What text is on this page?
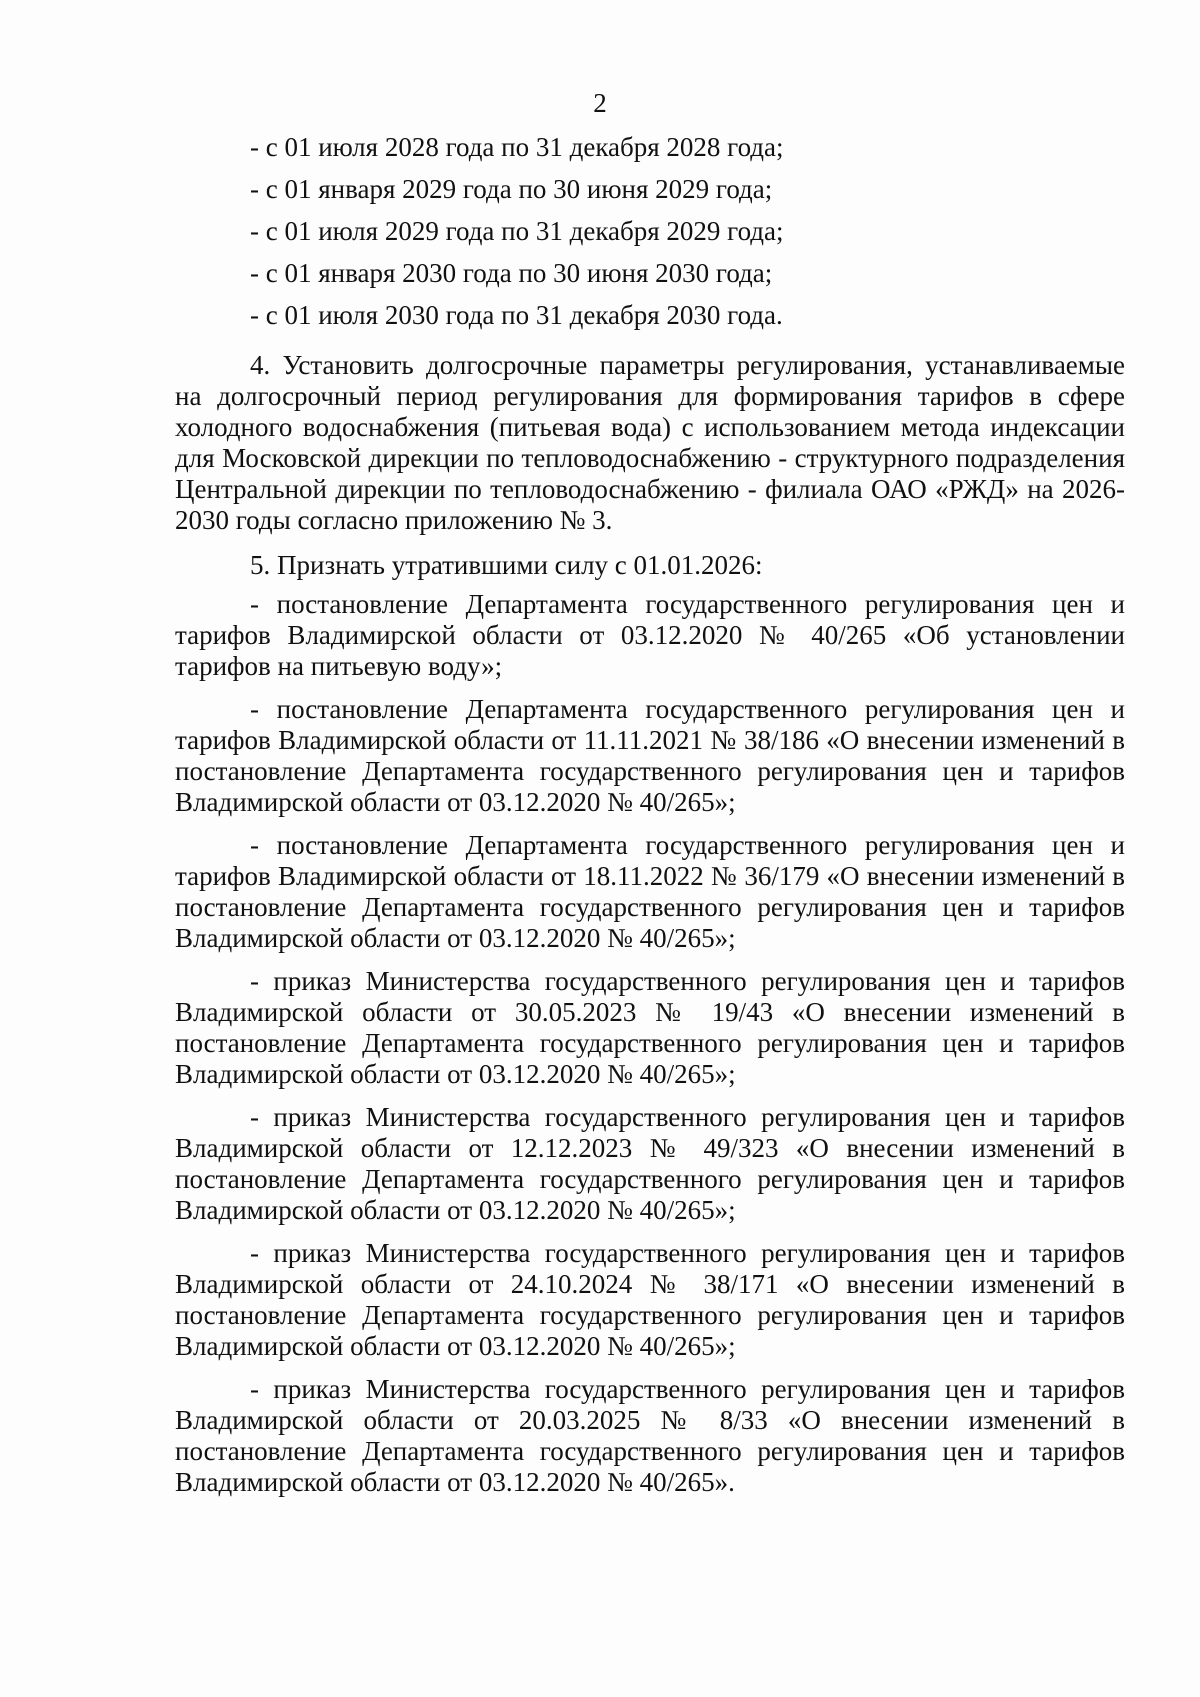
2
- с 01 июля 2028 года по 31 декабря 2028 года;
- с 01 января 2029 года по 30 июня 2029 года;
- с 01 июля 2029 года по 31 декабря 2029 года;
- с 01 января 2030 года по 30 июня 2030 года;
- с 01 июля 2030 года по 31 декабря 2030 года.

4. Установить долгосрочные параметры регулирования, устанавливаемые на долгосрочный период регулирования для формирования тарифов в сфере холодного водоснабжения (питьевая вода) с использованием метода индексации для Московской дирекции по тепловодоснабжению - структурного подразделения Центральной дирекции по тепловодоснабжению - филиала ОАО «РЖД» на 2026-2030 годы согласно приложению № 3.

5. Признать утратившими силу с 01.01.2026:

- постановление Департамента государственного регулирования цен и тарифов Владимирской области от 03.12.2020 № 40/265 «Об установлении тарифов на питьевую воду»;

- постановление Департамента государственного регулирования цен и тарифов Владимирской области от 11.11.2021 № 38/186 «О внесении изменений в постановление Департамента государственного регулирования цен и тарифов Владимирской области от 03.12.2020 № 40/265»;

- постановление Департамента государственного регулирования цен и тарифов Владимирской области от 18.11.2022 № 36/179 «О внесении изменений в постановление Департамента государственного регулирования цен и тарифов Владимирской области от 03.12.2020 № 40/265»;

- приказ Министерства государственного регулирования цен и тарифов Владимирской области от 30.05.2023 № 19/43 «О внесении изменений в постановление Департамента государственного регулирования цен и тарифов Владимирской области от 03.12.2020 № 40/265»;

- приказ Министерства государственного регулирования цен и тарифов Владимирской области от 12.12.2023 № 49/323 «О внесении изменений в постановление Департамента государственного регулирования цен и тарифов Владимирской области от 03.12.2020 № 40/265»;

- приказ Министерства государственного регулирования цен и тарифов Владимирской области от 24.10.2024 № 38/171 «О внесении изменений в постановление Департамента государственного регулирования цен и тарифов Владимирской области от 03.12.2020 № 40/265»;

- приказ Министерства государственного регулирования цен и тарифов Владимирской области от 20.03.2025 № 8/33 «О внесении изменений в постановление Департамента государственного регулирования цен и тарифов Владимирской области от 03.12.2020 № 40/265».
